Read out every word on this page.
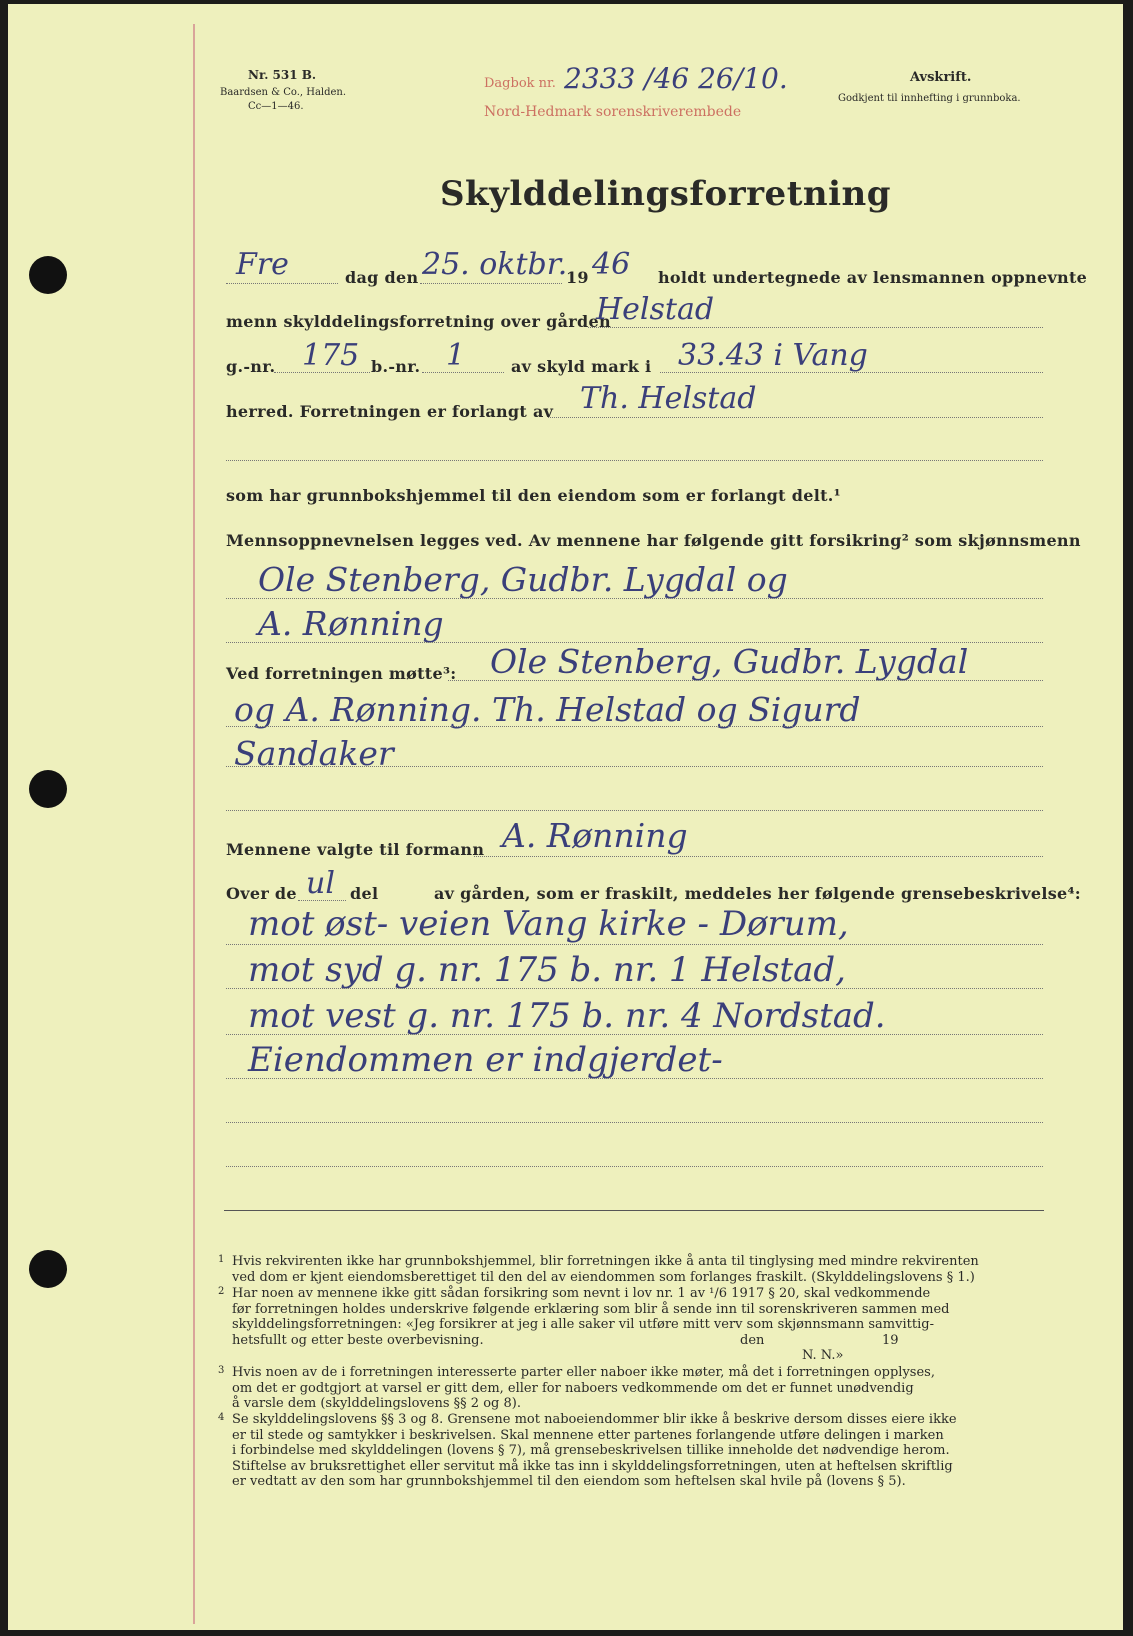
Nr. 531 B.
Baardsen & Co., Halden.
Cc—1—46.
Dagbok nr.
Nord-Hedmark sorenskriverembede
2333 /46 26/10.	Avskrift.
Godkjent til innhefting i grunnboka.
Skylddelingsforretning
Fre	dag den 25. oktbr.
19 46 holdt undertegnede av lensmannen oppnevnte
menn skylddelingsforretning over gården
Helstad
g.-nr. 175 b.-nr. 1	av skyld mark i 33.43 i Vang
herred. Forretningen er forlangt av Th. Helstad
som har grunnbokshjemmel til den eiendom som er forlangt delt.¹
Mennsoppnevnelsen legges ved. Av mennene har følgende gitt forsikring² som skjønnsmenn
Ole Stenberg, Gudbr. Lygdal og
A. Rønning
Ved forretningen møtte³: Ole Stenberg, Gudbr. Lygdal
og A. Rønning. Th. Helstad og Sigurd
Sandaker
Mennene valgte til formann A. Rønning
Over de ul del	av gården, som er fraskilt, meddeles her følgende grensebeskrivelse⁴:
mot øst- veien Vang kirke - Dørum,
mot syd g. nr. 175 b. nr. 1 Helstad,
mot vest g. nr. 175 b. nr. 4 Nordstad.
Eiendommen er indgjerdet-
1 Hvis rekvirenten ikke har grunnbokshjemmel, blir forretningen ikke å anta til tinglysing med mindre rekvirenten
ved dom er kjent eiendomsberettiget til den del av eiendommen som forlanges fraskilt. (Skylddelingslovens § 1.)
2 Har noen av mennene ikke gitt sådan forsikring som nevnt i lov nr. 1 av ¹/6 1917 § 20, skal vedkommende
før forretningen holdes underskrive følgende erklæring som blir å sende inn til sorenskriveren sammen med
skylddelingsforretningen: «Jeg forsikrer at jeg i alle saker vil utføre mitt verv som skjønnsmann samvittig-
hetsfullt og etter beste overbevisning.	den	19
N. N.»
3 Hvis noen av de i forretningen interesserte parter eller naboer ikke møter, må det i forretningen opplyses,
om det er godtgjort at varsel er gitt dem, eller for naboers vedkommende om det er funnet unødvendig
å varsle dem (skylddelingslovens §§ 2 og 8).
4 Se skylddelingslovens §§ 3 og 8. Grensene mot naboeiendommer blir ikke å beskrive dersom disses eiere ikke
er til stede og samtykker i beskrivelsen. Skal mennene etter partenes forlangende utføre delingen i marken
i forbindelse med skylddelingen (lovens § 7), må grensebeskrivelsen tillike inneholde det nødvendige herom.
Stiftelse av bruksrettighet eller servitut må ikke tas inn i skylddelingsforretningen, uten at heftelsen skriftlig
er vedtatt av den som har grunnbokshjemmel til den eiendom som heftelsen skal hvile på (lovens § 5).
